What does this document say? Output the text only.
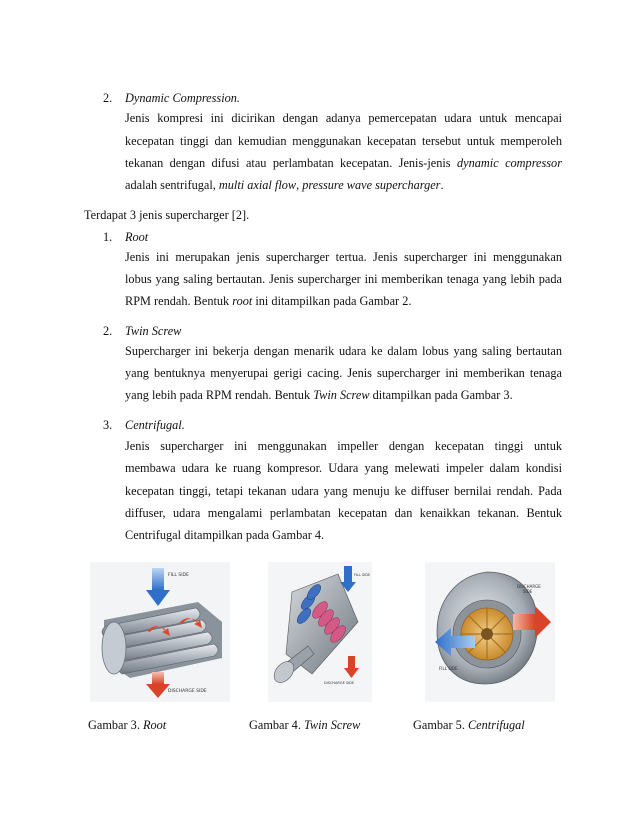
2. Dynamic Compression.
Jenis kompresi ini dicirikan dengan adanya pemercepatan udara untuk mencapai
kecepatan tinggi dan kemudian menggunakan kecepatan tersebut untuk memperoleh
tekanan dengan difusi atau perlambatan kecepatan. Jenis-jenis dynamic compressor
adalah sentrifugal, multi axial flow, pressure wave supercharger.
Terdapat 3 jenis supercharger [2].
1. Root
Jenis ini merupakan jenis supercharger tertua. Jenis supercharger ini menggunakan
lobus yang saling bertautan. Jenis supercharger ini memberikan tenaga yang lebih pada
RPM rendah. Bentuk root ini ditampilkan pada Gambar 2.
2. Twin Screw
Supercharger ini bekerja dengan menarik udara ke dalam lobus yang saling bertautan
yang bentuknya menyerupai gerigi cacing. Jenis supercharger ini memberikan tenaga
yang lebih pada RPM rendah. Bentuk Twin Screw ditampilkan pada Gambar 3.
3. Centrifugal.
Jenis supercharger ini menggunakan impeller dengan kecepatan tinggi untuk
membawa udara ke ruang kompresor. Udara yang melewati impeler dalam kondisi
kecepatan tinggi, tetapi tekanan udara yang menuju ke diffuser bernilai rendah. Pada
diffuser, udara mengalami perlambatan kecepatan dan kenaikkan tekanan. Bentuk
Centrifugal ditampilkan pada Gambar 4.
FILL SIDE
DISCHARGE SIDE
FILL SIDE
DISCHARGE SIDE
DISCHARGE
SIDE
FILL SIDE
Gambar 3. Root	Gambar 4. Twin Screw	Gambar 5. Centrifugal
